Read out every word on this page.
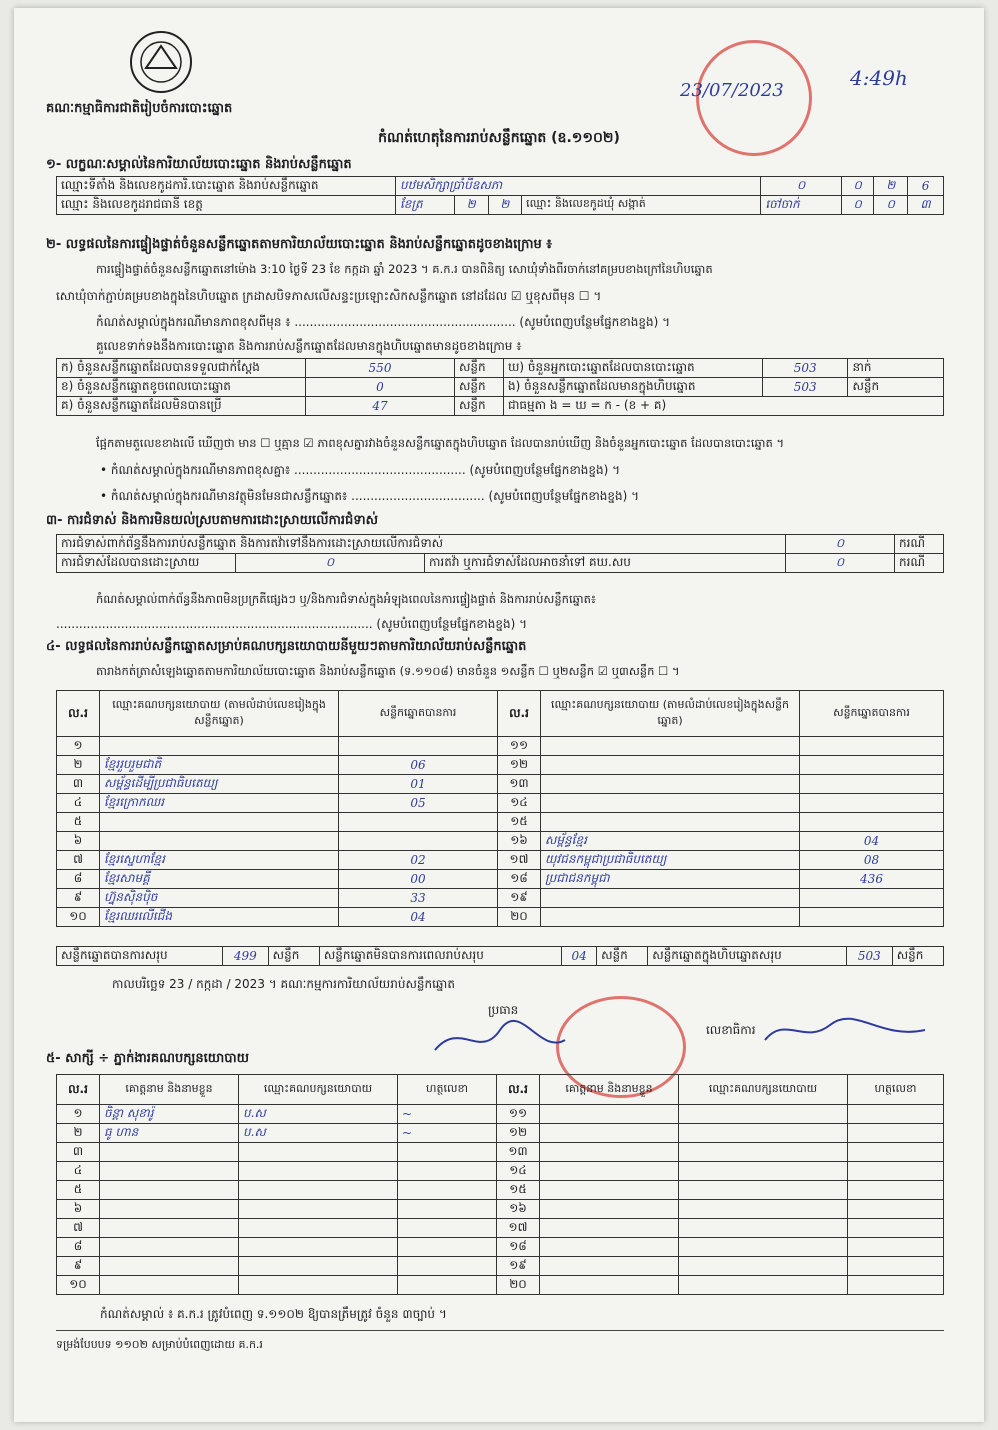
គណៈកម្មាធិការជាតិរៀបចំការបោះឆ្នោត
កំណត់ហេតុនៃការរាប់សន្លឹកឆ្នោត (ឧ.១១០២)
23/07/2023
4:49h
១- លក្ខណៈសម្គាល់នៃការិយាល័យបោះឆ្នោត និងរាប់សន្លឹកឆ្នោត
ឈ្មោះទីតាំង និងលេខកូដការិ.បោះឆ្នោត និងរាប់សន្លឹកឆ្នោត	បឋមសិក្សាប្រាំបីឧសភា				០	០	២	6
ឈ្មោះ និងលេខកូដរាជធានី ខេត្ត	ខែត្រ	២	២	ឈ្មោះ និងលេខកូដឃុំ សង្កាត់	ចៅចាក់	០	០	៣
២- លទ្ធផលនៃការផ្ទៀងផ្ទាត់ចំនួនសន្លឹកឆ្នោតតាមការិយាល័យបោះឆ្នោត និងរាប់សន្លឹកឆ្នោតដូចខាងក្រោម ៖
ការផ្ទៀងផ្ទាត់ចំនួនសន្លឹកឆ្នោតនៅម៉ោង 3:10 ថ្ងៃទី 23 ខែ កក្កដា ឆ្នាំ 2023 ។ គ.ក.រ បានពិនិត្យ សោឃុំទាំងពីរចាក់នៅគម្របខាងក្រៅនៃហិបឆ្នោត
សោឃុំចាក់ភ្ជាប់គម្របខាងក្នុងនៃហិបឆ្នោត ក្រដាសបិទភាសលើសន្ទះប្រឡោះសិកសន្លឹកឆ្នោត នៅដដែល ☑ ឬខុសពីមុន ☐ ។
កំណត់សម្គាល់ក្នុងករណីមានភាពខុសពីមុន ៖ .......................................................... (សូមបំពេញបន្ថែមផ្នែកខាងខ្នង) ។
គួលេខទាក់ទងនឹងការបោះឆ្នោត និងការរាប់សន្លឹកឆ្នោតដែលមានក្នុងហិបឆ្នោតមានដូចខាងក្រោម ៖
ក) ចំនួនសន្លឹកឆ្នោតដែលបានទទួលជាក់ស្តែង	550	សន្លឹក	ឃ) ចំនួនអ្នកបោះឆ្នោតដែលបានបោះឆ្នោត	503	នាក់
ខ) ចំនួនសន្លឹកឆ្នោតខូចពេលបោះឆ្នោត	0	សន្លឹក	ង) ចំនួនសន្លឹកឆ្នោតដែលមានក្នុងហិបឆ្នោត	503	សន្លឹក
គ) ចំនួនសន្លឹកឆ្នោតដែលមិនបានប្រើ	47	សន្លឹក	ជាធម្មតា ង = ឃ = ក - (ខ + គ)		
ផ្អែកតាមតួលេខខាងលើ ឃើញថា មាន ☐ ឬគ្មាន ☑ ភាពខុសគ្នារវាងចំនួនសន្លឹកឆ្នោតក្នុងហិបឆ្នោត ដែលបានរាប់ឃើញ និងចំនួនអ្នកបោះឆ្នោត ដែលបានបោះឆ្នោត ។
• កំណត់សម្គាល់ក្នុងករណីមានភាពខុសគ្នា៖ ............................................. (សូមបំពេញបន្ថែមផ្នែកខាងខ្នង) ។
• កំណត់សម្គាល់ក្នុងករណីមានវត្ថុមិនមែនជាសន្លឹកឆ្នោត៖ ................................... (សូមបំពេញបន្ថែមផ្នែកខាងខ្នង) ។
៣- ការជំទាស់ និងការមិនយល់ស្របតាមការដោះស្រាយលើការជំទាស់
ការជំទាស់ពាក់ព័ន្ធនឹងការរាប់សន្លឹកឆ្នោត និងការតវ៉ាទៅនឹងការដោះស្រាយលើការជំទាស់			០	ករណី
ការជំទាស់ដែលបានដោះស្រាយ	០	ការតវ៉ា ឬការជំទាស់ដែលអាចនាំទៅ គឃ.សប	០	ករណី
កំណត់សម្គាល់ពាក់ព័ន្ធនឹងភាពមិនប្រក្រតីផ្សេងៗ ឬ/និងការជំទាស់ក្នុងអំឡុងពេលនៃការផ្ទៀងផ្ទាត់ និងការរាប់សន្លឹកឆ្នោត៖
................................................................................... (សូមបំពេញបន្ថែមផ្នែកខាងខ្នង) ។
៤- លទ្ធផលនៃការរាប់សន្លឹកឆ្នោតសម្រាប់គណបក្សនយោបាយនីមួយៗតាមការិយាល័យរាប់សន្លឹកឆ្នោត
តារាងកត់ត្រាសំឡេងឆ្នោតតាមការិយាល័យបោះឆ្នោត និងរាប់សន្លឹកឆ្នោត (ទ.១១០៨) មានចំនួន ១សន្លឹក ☐ ឬ២សន្លឹក ☑ ឬ៣សន្លឹក ☐ ។
ល.រ	ឈ្មោះគណបក្សនយោបាយ (តាមលំដាប់លេខរៀងក្នុងសន្លឹកឆ្នោត)	សន្លឹកឆ្នោតបានការ	ល.រ	ឈ្មោះគណបក្សនយោបាយ (តាមលំដាប់លេខរៀងក្នុងសន្លឹកឆ្នោត)	សន្លឹកឆ្នោតបានការ
១			១១		
២	ខ្មែររួបរួមជាតិ	06	១២		
៣	សម្ព័ន្ធដើម្បីប្រជាធិបតេយ្យ	01	១៣		
៤	ខ្មែរក្រោកឈរ	05	១៤		
៥			១៥		
៦			១៦	សម្ព័ន្ធខ្មែរ	04
៧	ខ្មែរស្នេហាខ្មែរ	02	១៧	យុវជនកម្ពុជាប្រជាធិបតេយ្យ	08
៨	ខ្មែរសាមគ្គី	00	១៨	ប្រជាជនកម្ពុជា	436
៩	ហ្វ៊ុនស៊ិនប៉ិច	33	១៩		
១០	ខ្មែរឈរលើជើង	04	២០		
សន្លឹកឆ្នោតបានការសរុប	499	សន្លឹក	សន្លឹកឆ្នោតមិនបានការពេលរាប់សរុប	04	សន្លឹក	សន្លឹកឆ្នោតក្នុងហិបឆ្នោតសរុប	503	សន្លឹក
កាលបរិច្ឆេទ 23 / កក្កដា / 2023 ។ គណៈកម្មការការិយាល័យរាប់សន្លឹកឆ្នោត
ប្រធាន
លេខាធិការ
៥- សាក្សី ÷ ភ្នាក់ងារគណបក្សនយោបាយ
ល.រ	គោត្តនាម និងនាមខ្លួន	ឈ្មោះគណបក្សនយោបាយ	ហត្ថលេខា	ល.រ	គោត្តនាម និងនាមខ្លួន	ឈ្មោះគណបក្សនយោបាយ	ហត្ថលេខា
១	ចិន្ដា សុខារ៉ូ	ប.ស	~	១១			
២	ធូ ហាន	ប.ស	~	១២			
៣				១៣			
៤				១៤			
៥				១៥			
៦				១៦			
៧				១៧			
៨				១៨			
៩				១៩			
១០				២០			
កំណត់សម្គាល់ ៖ គ.ក.រ ត្រូវបំពេញ ទ.១១០២ ឱ្យបានត្រឹមត្រូវ ចំនួន ៣ច្បាប់ ។
ទម្រង់បែបបទ ១១០២ សម្រាប់បំពេញដោយ គ.ក.រ
